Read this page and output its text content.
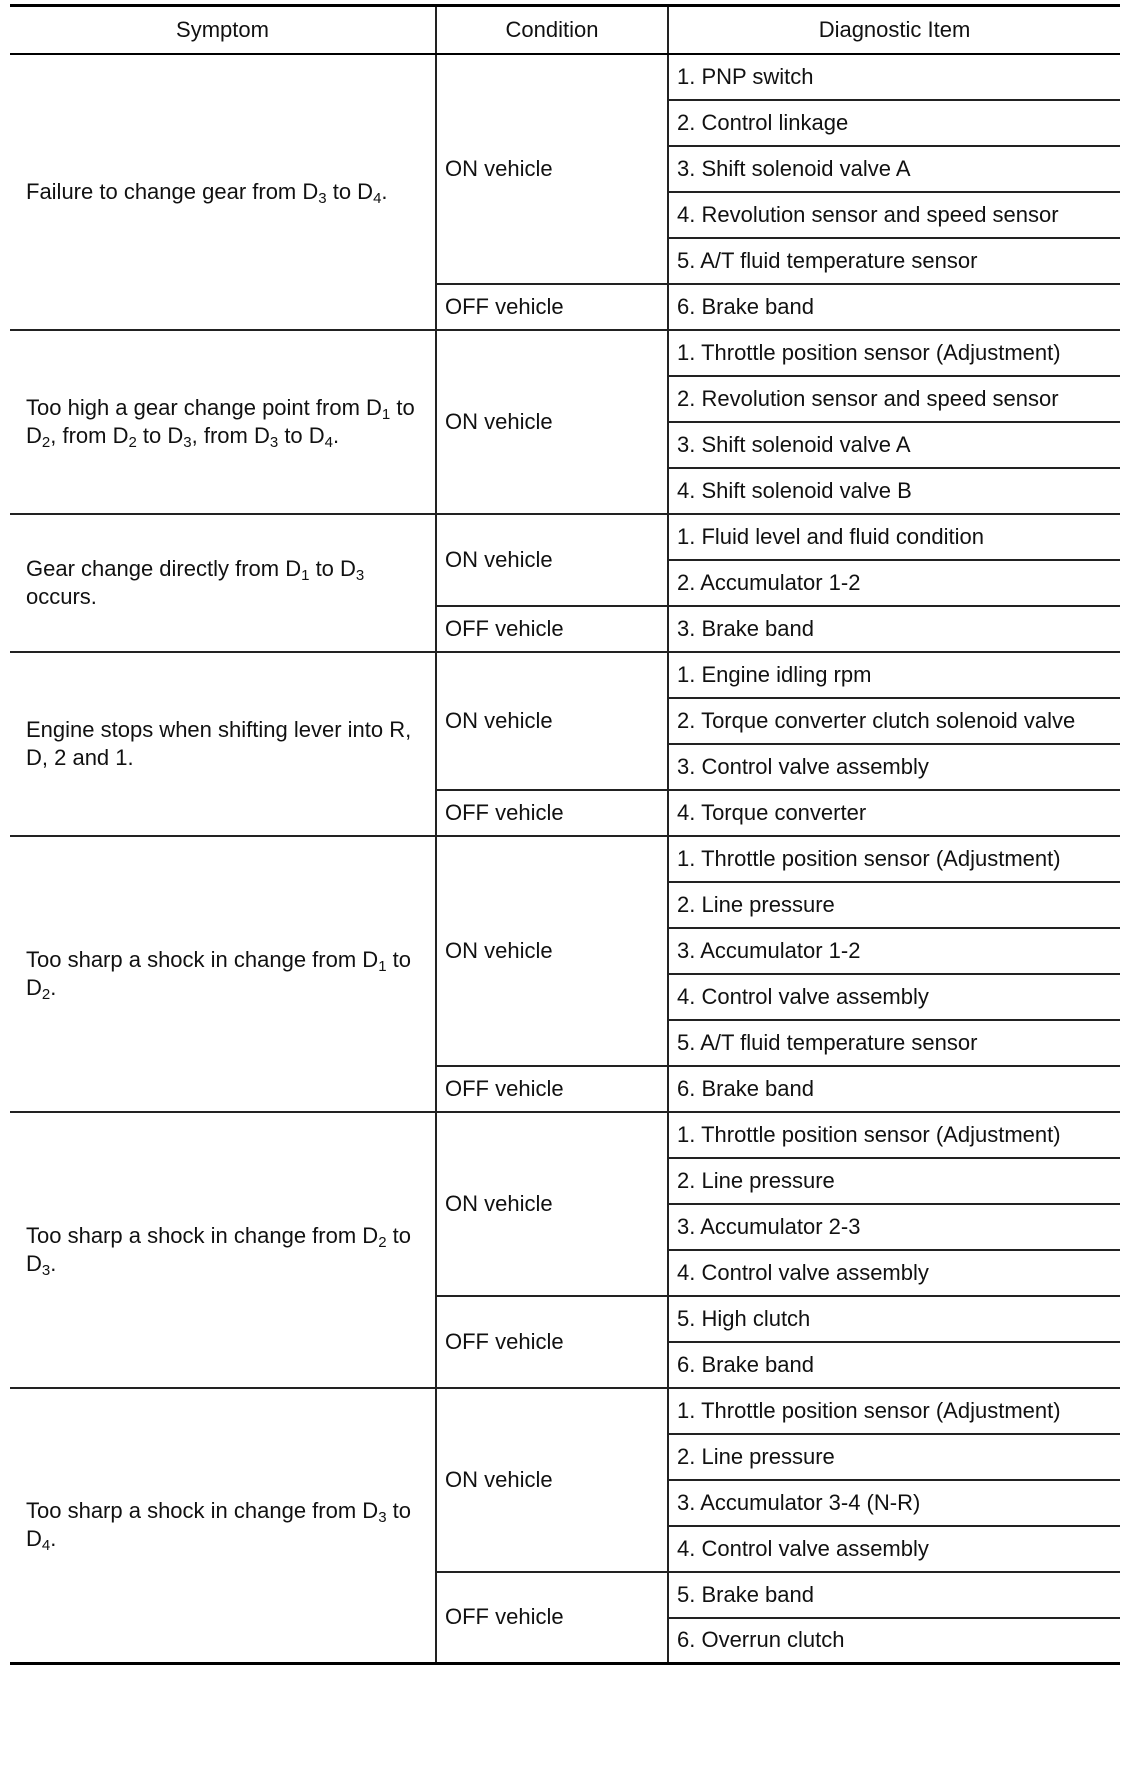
Symptom	Condition	Diagnostic Item
Failure to change gear from $D_3$ to $D_4$.	ON vehicle	1. PNP switch
		2. Control linkage
		3. Shift solenoid valve A
		4. Revolution sensor and speed sensor
		5. A/T fluid temperature sensor
	OFF vehicle	6. Brake band
Too high a gear change point from $D_1$ to $D_2$, from $D_2$ to $D_3$, from $D_3$ to $D_4$.	ON vehicle	1. Throttle position sensor (Adjustment)
		2. Revolution sensor and speed sensor
		3. Shift solenoid valve A
		4. Shift solenoid valve B
Gear change directly from $D_1$ to $D_3$ occurs.	ON vehicle	1. Fluid level and fluid condition
		2. Accumulator 1-2
	OFF vehicle	3. Brake band
Engine stops when shifting lever into R, D, 2 and 1.	ON vehicle	1. Engine idling rpm
		2. Torque converter clutch solenoid valve
		3. Control valve assembly
	OFF vehicle	4. Torque converter
Too sharp a shock in change from $D_1$ to $D_2$.	ON vehicle	1. Throttle position sensor (Adjustment)
		2. Line pressure
		3. Accumulator 1-2
		4. Control valve assembly
		5. A/T fluid temperature sensor
	OFF vehicle	6. Brake band
Too sharp a shock in change from $D_2$ to $D_3$.	ON vehicle	1. Throttle position sensor (Adjustment)
		2. Line pressure
		3. Accumulator 2-3
		4. Control valve assembly
	OFF vehicle	5. High clutch
		6. Brake band
Too sharp a shock in change from $D_3$ to $D_4$.	ON vehicle	1. Throttle position sensor (Adjustment)
		2. Line pressure
		3. Accumulator 3-4 (N-R)
		4. Control valve assembly
	OFF vehicle	5. Brake band
		6. Overrun clutch
